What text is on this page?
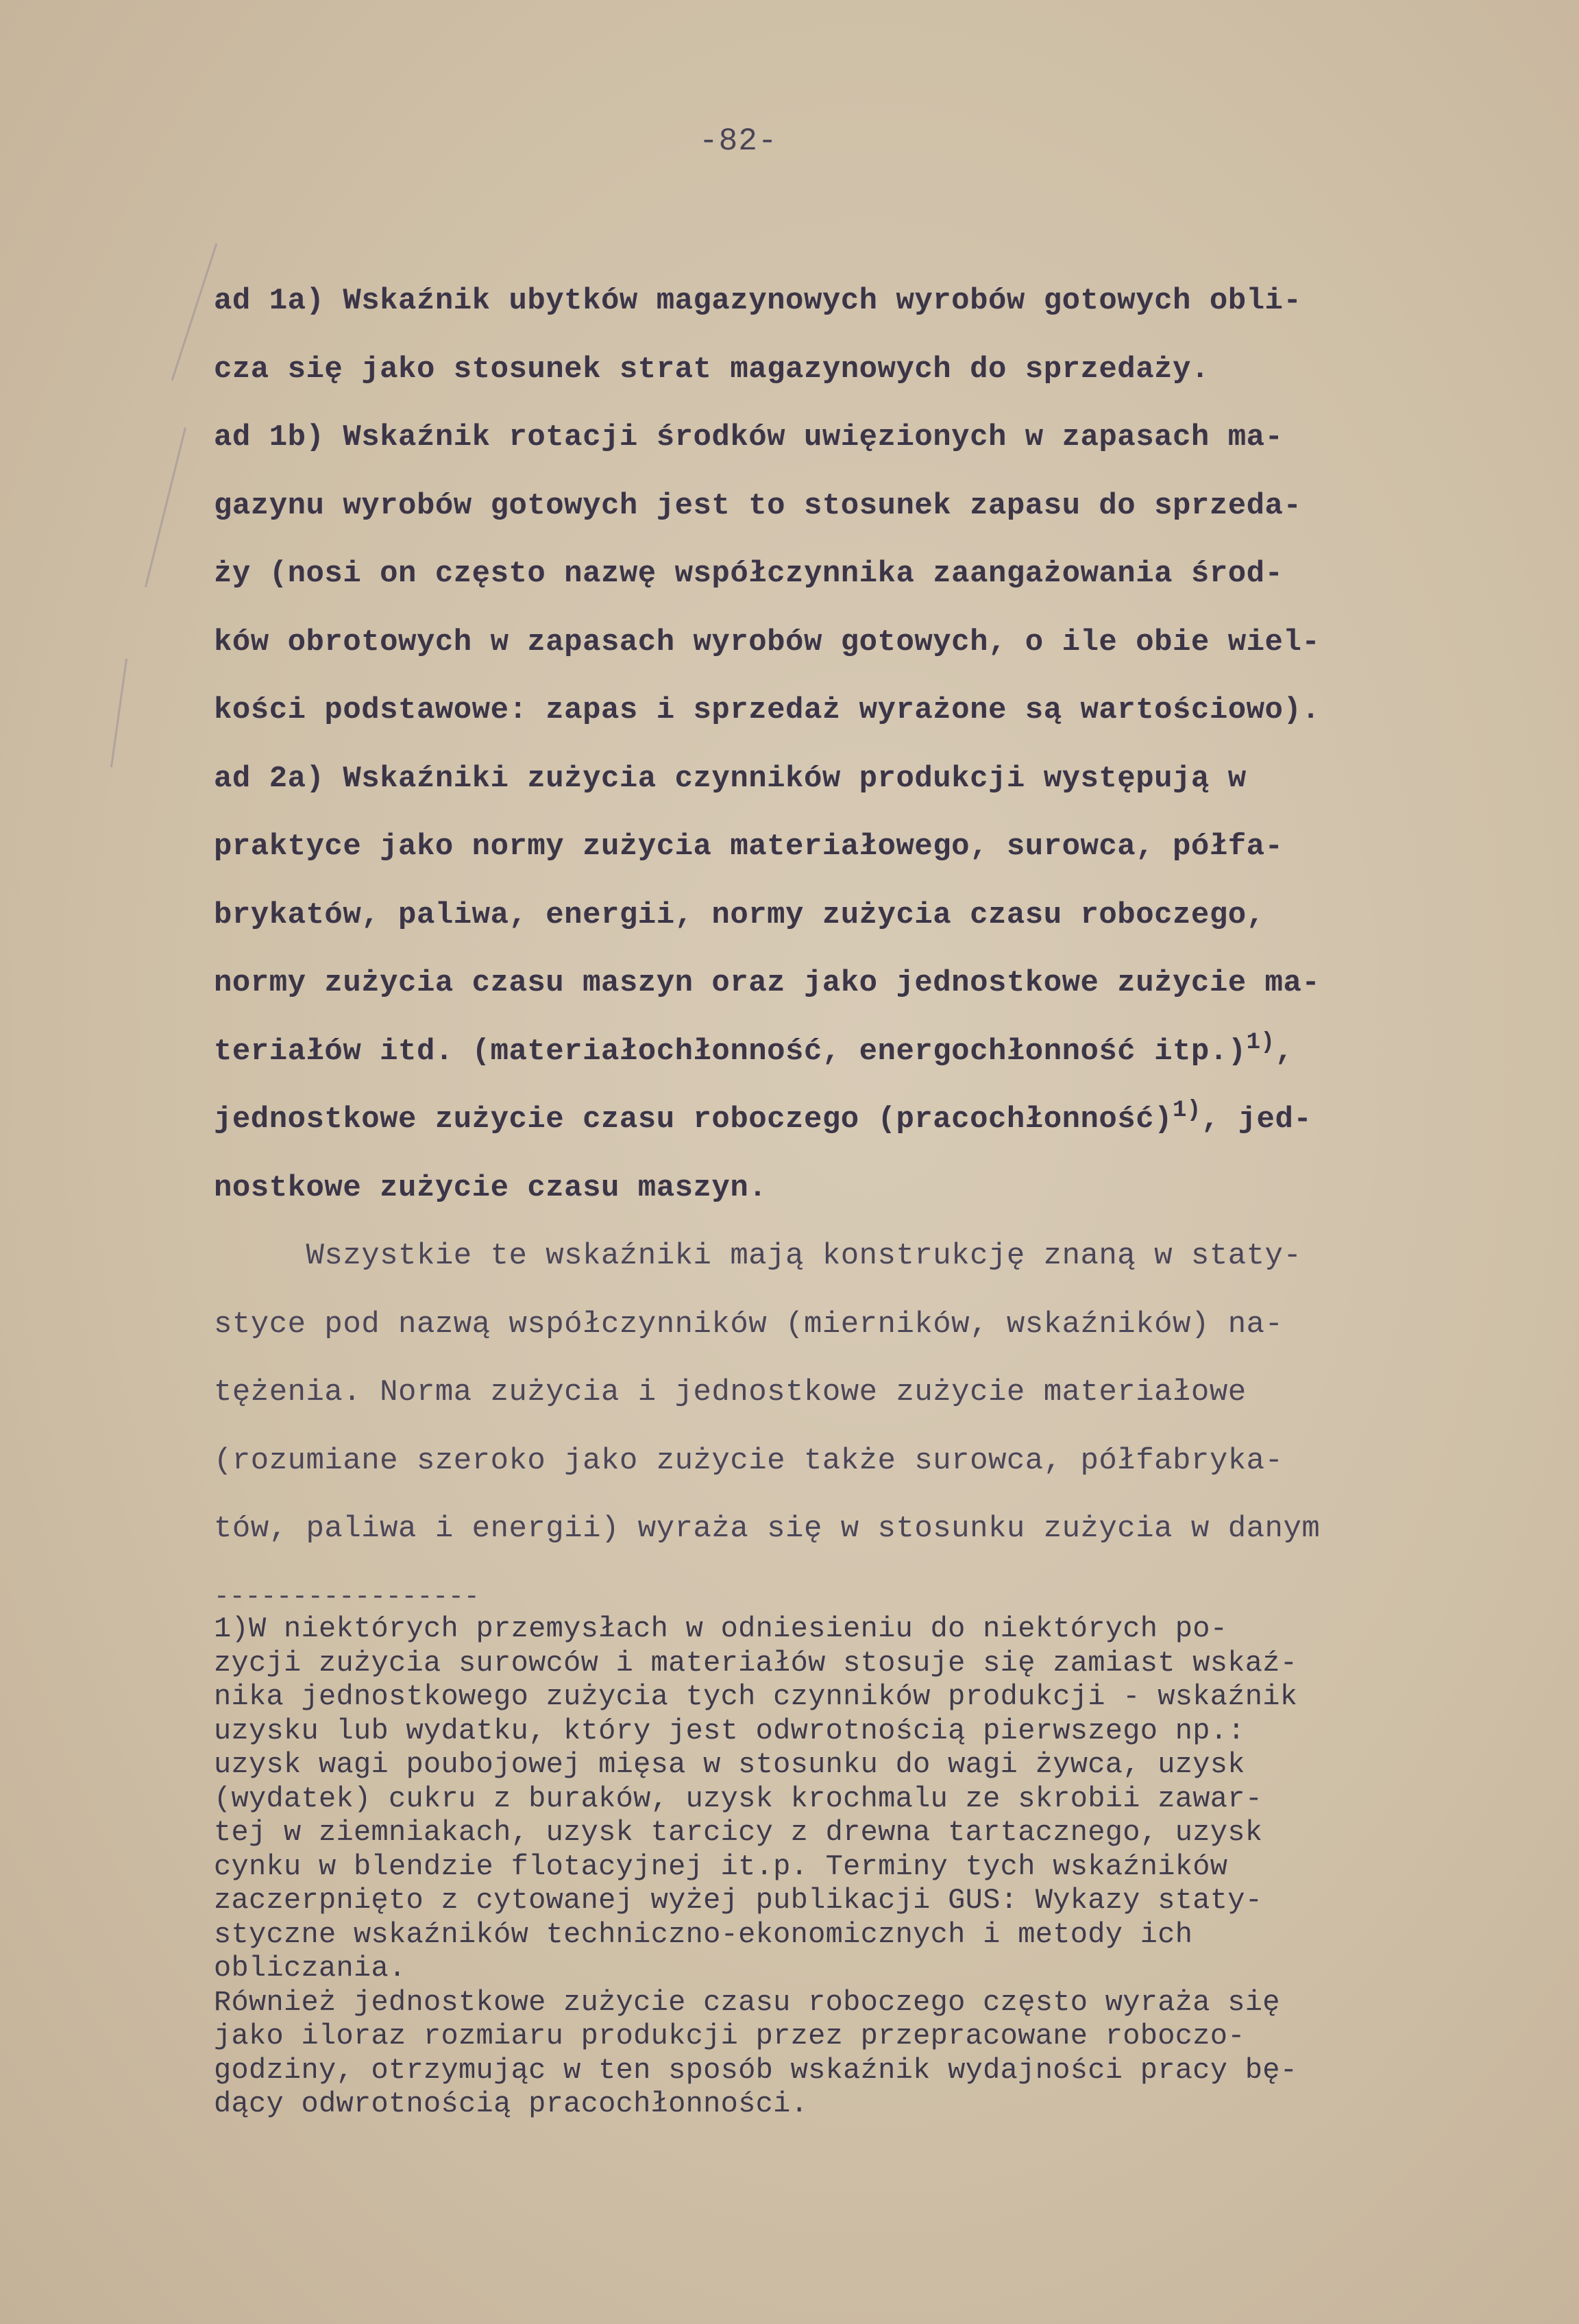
-82-
ad 1a) Wskaźnik ubytków magazynowych wyrobów gotowych obli-
cza się jako stosunek strat magazynowych do sprzedaży.
ad 1b) Wskaźnik rotacji środków uwięzionych w zapasach ma-
gazynu wyrobów gotowych jest to stosunek zapasu do sprzeda-
ży (nosi on często nazwę współczynnika zaangażowania środ-
ków obrotowych w zapasach wyrobów gotowych, o ile obie wiel-
kości podstawowe: zapas i sprzedaż wyrażone są wartościowo).
ad 2a) Wskaźniki zużycia czynników produkcji występują w
praktyce jako normy zużycia materiałowego, surowca, półfa-
brykatów, paliwa, energii, normy zużycia czasu roboczego,
normy zużycia czasu maszyn oraz jako jednostkowe zużycie ma-
teriałów itd. (materiałochłonność, energochłonność itp.)$^{1)}$,
jednostkowe zużycie czasu roboczego (pracochłonność)$^{1)}$, jed-
nostkowe zużycie czasu maszyn.
Wszystkie te wskaźniki mają konstrukcję znaną w staty-
styce pod nazwą współczynników (mierników, wskaźników) na-
tężenia. Norma zużycia i jednostkowe zużycie materiałowe
(rozumiane szeroko jako zużycie także surowca, półfabryka-
tów, paliwa i energii) wyraża się w stosunku zużycia w danym
-----------------
1)W niektórych przemysłach w odniesieniu do niektórych po-
zycji zużycia surowców i materiałów stosuje się zamiast wskaź-
nika jednostkowego zużycia tych czynników produkcji - wskaźnik
uzysku lub wydatku, który jest odwrotnością pierwszego np.:
uzysk wagi poubojowej mięsa w stosunku do wagi żywca, uzysk
(wydatek) cukru z buraków, uzysk krochmalu ze skrobii zawar-
tej w ziemniakach, uzysk tarcicy z drewna tartacznego, uzysk
cynku w blendzie flotacyjnej it.p. Terminy tych wskaźników
zaczerpnięto z cytowanej wyżej publikacji GUS: Wykazy staty-
styczne wskaźników techniczno-ekonomicznych i metody ich
obliczania.
Również jednostkowe zużycie czasu roboczego często wyraża się
jako iloraz rozmiaru produkcji przez przepracowane roboczo-
godziny, otrzymując w ten sposób wskaźnik wydajności pracy bę-
dący odwrotnością pracochłonności.
